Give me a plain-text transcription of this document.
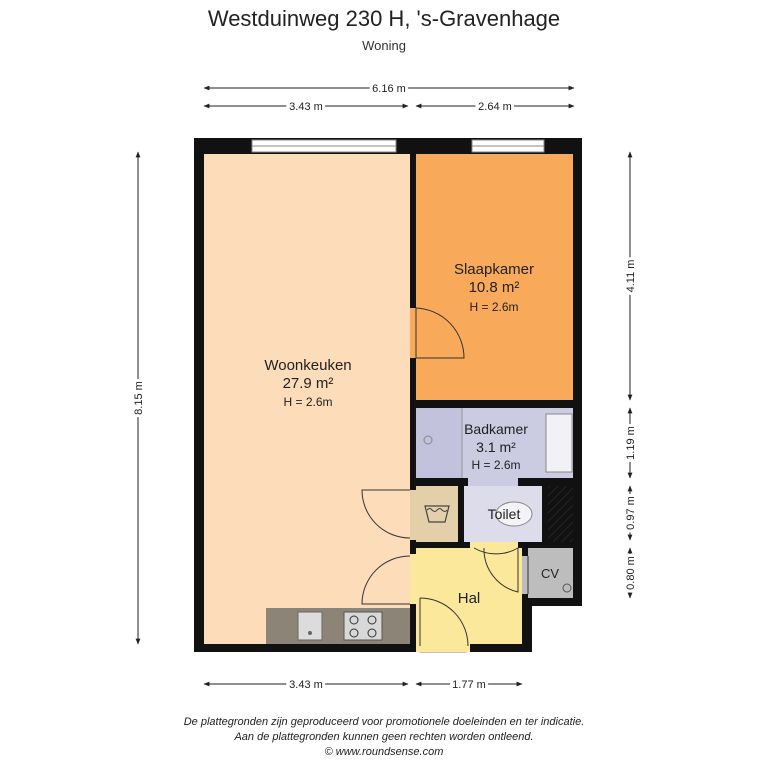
Westduinweg 230 H, 's-Gravenhage
Woning
6.16 m
3.43 m	2.64 m
3.43 m	1.77 m
8.15 m
4.11 m
1.19 m
0.97 m
0.80 m
Woonkeuken
27.9 m²
H = 2.6m
Slaapkamer
10.8 m²
H = 2.6m
Badkamer
3.1 m²
H = 2.6m
Toilet
Hal
CV
De plattegronden zijn geproduceerd voor promotionele doeleinden en ter indicatie.
Aan de plattegronden kunnen geen rechten worden ontleend.
© www.roundsense.com
